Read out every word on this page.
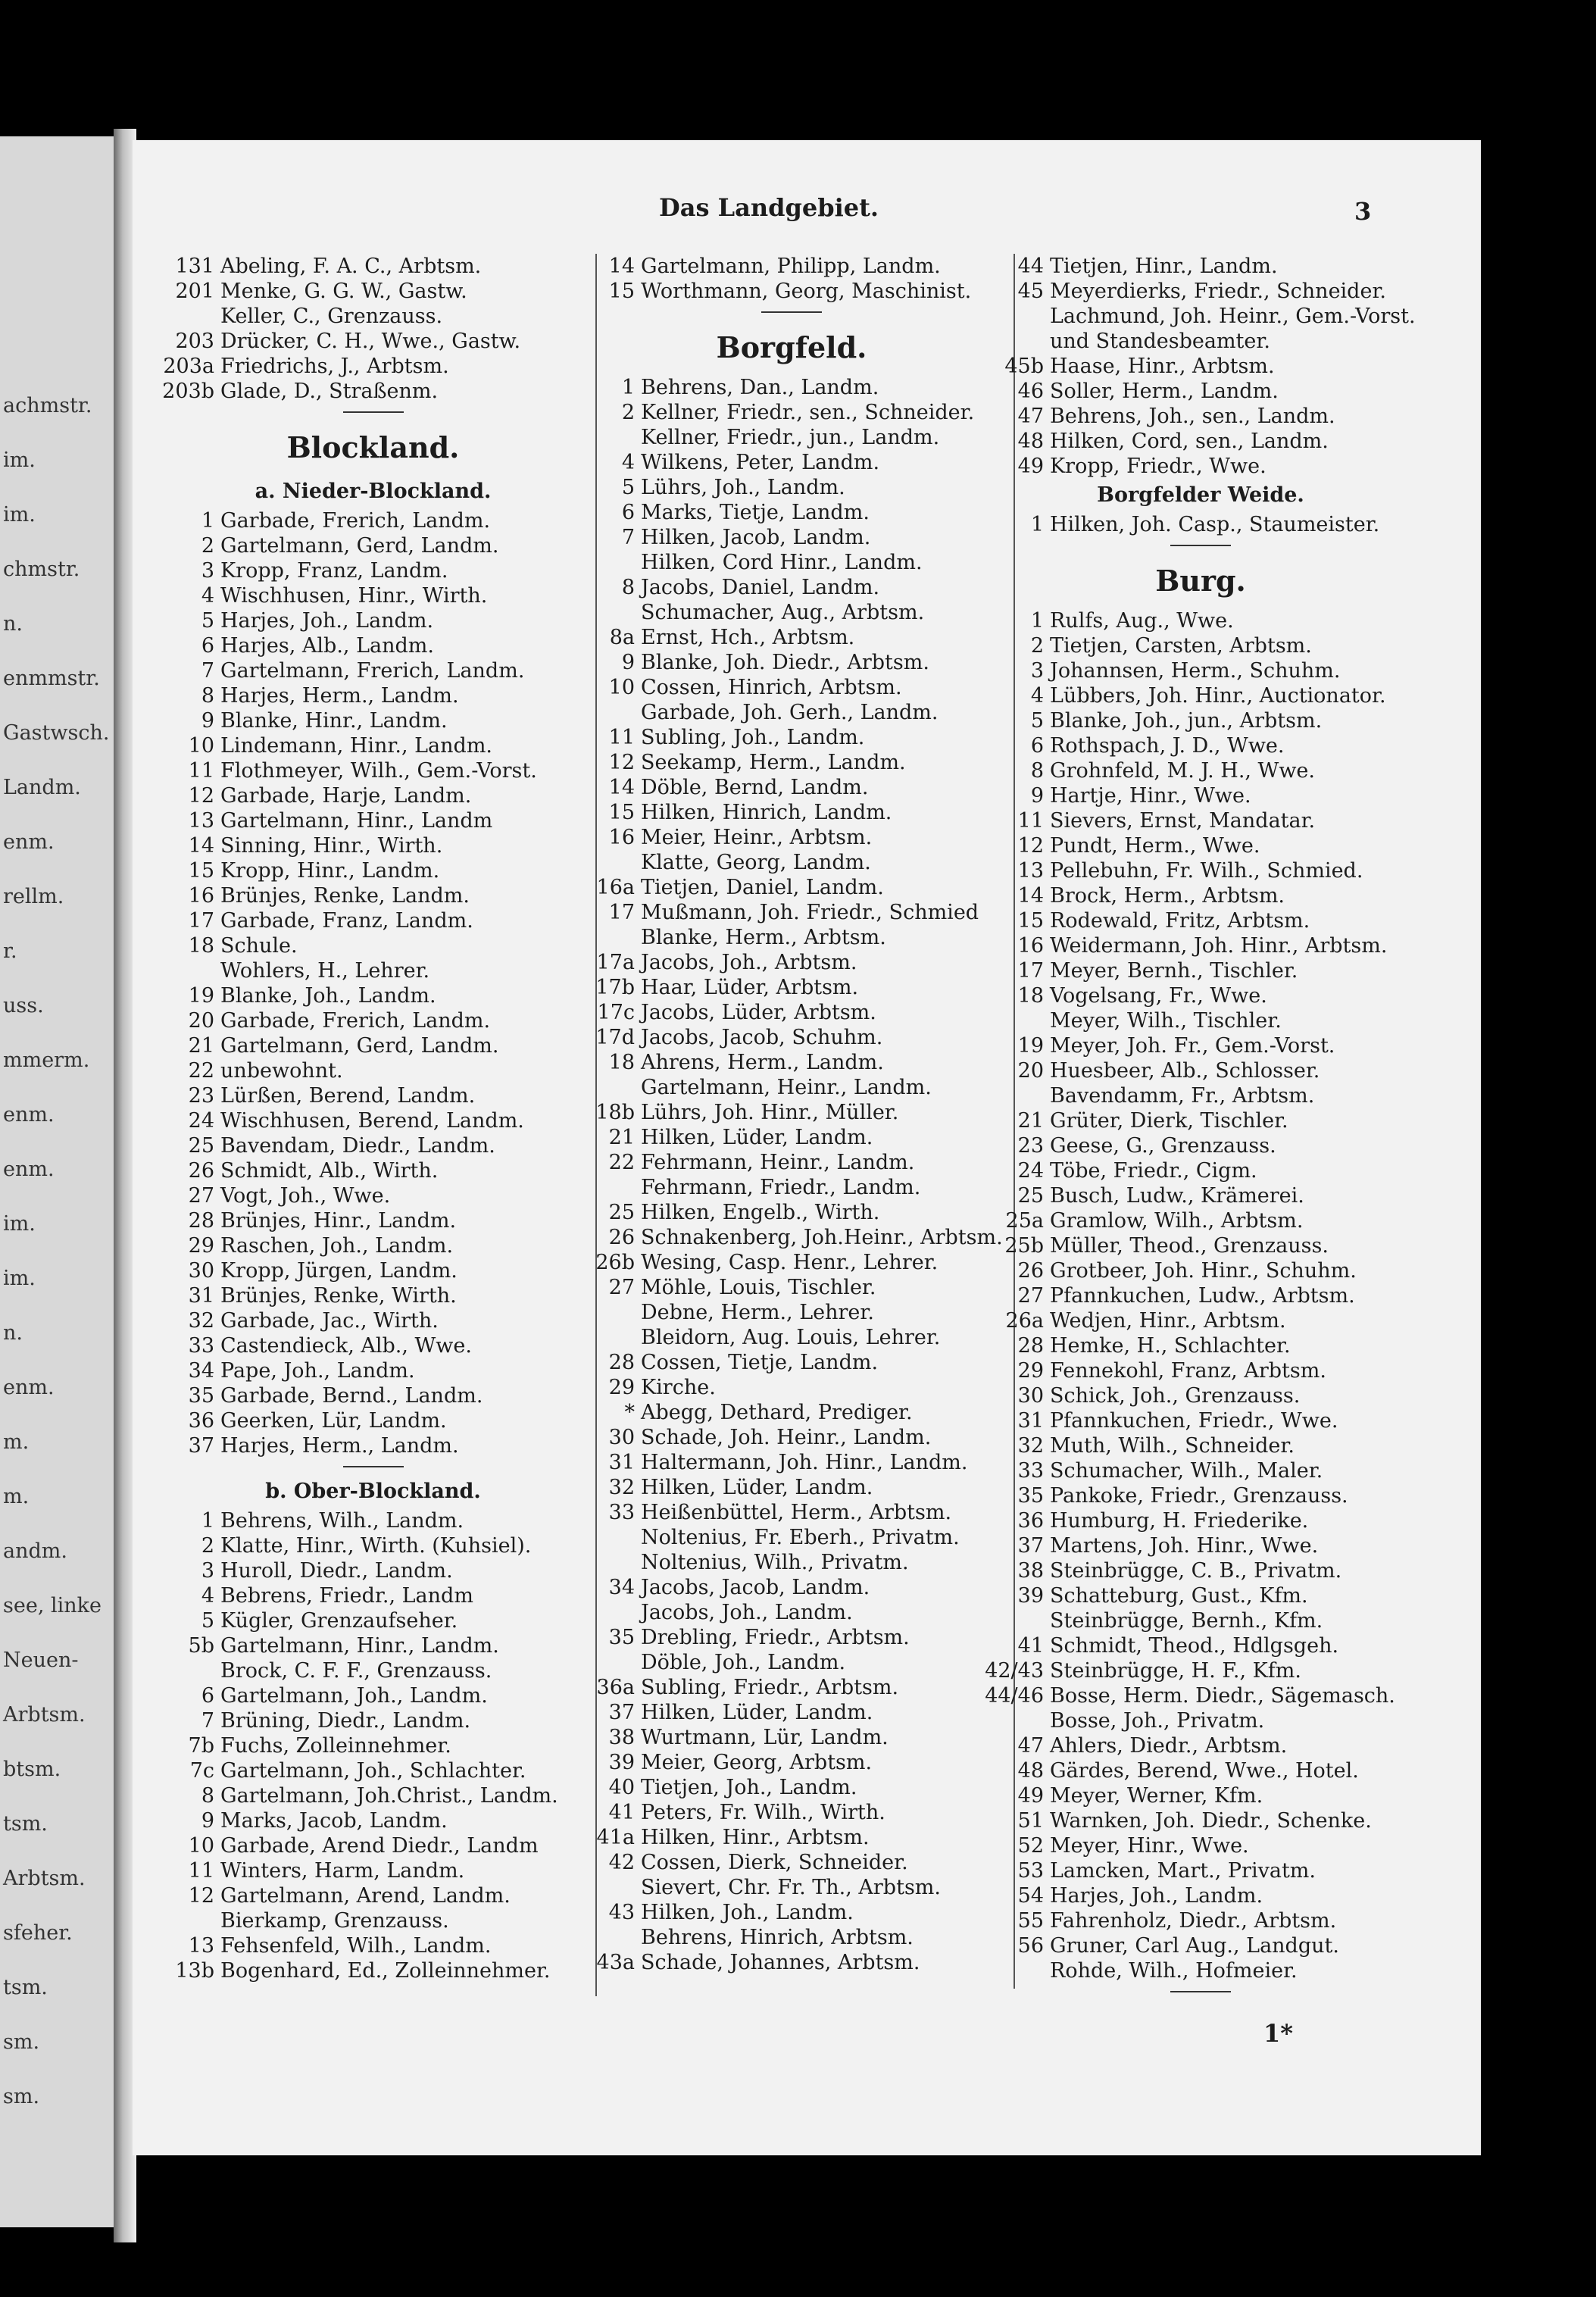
achmstr.
im.
im.
chmstr.
n.
enmmstr.
Gastwsch.
Landm.
enm.
rellm.
r.
uss.
mmerm.
enm.
enm.
im.
im.
n.
enm.
m.
m.
andm.
see, linke
Neuen-
Arbtsm.
btsm.
tsm.
Arbtsm.
sfeher.
tsm.
sm.
sm.
Das Landgebiet.	3
131 Abeling, F. A. C., Arbtsm.
201 Menke, G. G. W., Gastw.
Keller, C., Grenzauss.
203 Drücker, C. H., Wwe., Gastw.
203a Friedrichs, J., Arbtsm.
203b Glade, D., Straßenm.
Blockland.
a. Nieder-Blockland.
1 Garbade, Frerich, Landm.
2 Gartelmann, Gerd, Landm.
3 Kropp, Franz, Landm.
4 Wischhusen, Hinr., Wirth.
5 Harjes, Joh., Landm.
6 Harjes, Alb., Landm.
7 Gartelmann, Frerich, Landm.
8 Harjes, Herm., Landm.
9 Blanke, Hinr., Landm.
10 Lindemann, Hinr., Landm.
11 Flothmeyer, Wilh., Gem.-Vorst.
12 Garbade, Harje, Landm.
13 Gartelmann, Hinr., Landm
14 Sinning, Hinr., Wirth.
15 Kropp, Hinr., Landm.
16 Brünjes, Renke, Landm.
17 Garbade, Franz, Landm.
18 Schule.
Wohlers, H., Lehrer.
19 Blanke, Joh., Landm.
20 Garbade, Frerich, Landm.
21 Gartelmann, Gerd, Landm.
22 unbewohnt.
23 Lürßen, Berend, Landm.
24 Wischhusen, Berend, Landm.
25 Bavendam, Diedr., Landm.
26 Schmidt, Alb., Wirth.
27 Vogt, Joh., Wwe.
28 Brünjes, Hinr., Landm.
29 Raschen, Joh., Landm.
30 Kropp, Jürgen, Landm.
31 Brünjes, Renke, Wirth.
32 Garbade, Jac., Wirth.
33 Castendieck, Alb., Wwe.
34 Pape, Joh., Landm.
35 Garbade, Bernd., Landm.
36 Geerken, Lür, Landm.
37 Harjes, Herm., Landm.
b. Ober-Blockland.
1 Behrens, Wilh., Landm.
2 Klatte, Hinr., Wirth. (Kuhsiel).
3 Huroll, Diedr., Landm.
4 Bebrens, Friedr., Landm
5 Kügler, Grenzaufseher.
5b Gartelmann, Hinr., Landm.
Brock, C. F. F., Grenzauss.
6 Gartelmann, Joh., Landm.
7 Brüning, Diedr., Landm.
7b Fuchs, Zolleinnehmer.
7c Gartelmann, Joh., Schlachter.
8 Gartelmann, Joh.Christ., Landm.
9 Marks, Jacob, Landm.
10 Garbade, Arend Diedr., Landm
11 Winters, Harm, Landm.
12 Gartelmann, Arend, Landm.
Bierkamp, Grenzauss.
13 Fehsenfeld, Wilh., Landm.
13b Bogenhard, Ed., Zolleinnehmer.
14 Gartelmann, Philipp, Landm.
15 Worthmann, Georg, Maschinist.
Borgfeld.
1 Behrens, Dan., Landm.
2 Kellner, Friedr., sen., Schneider.
Kellner, Friedr., jun., Landm.
4 Wilkens, Peter, Landm.
5 Lührs, Joh., Landm.
6 Marks, Tietje, Landm.
7 Hilken, Jacob, Landm.
Hilken, Cord Hinr., Landm.
8 Jacobs, Daniel, Landm.
Schumacher, Aug., Arbtsm.
8a Ernst, Hch., Arbtsm.
9 Blanke, Joh. Diedr., Arbtsm.
10 Cossen, Hinrich, Arbtsm.
Garbade, Joh. Gerh., Landm.
11 Subling, Joh., Landm.
12 Seekamp, Herm., Landm.
14 Döble, Bernd, Landm.
15 Hilken, Hinrich, Landm.
16 Meier, Heinr., Arbtsm.
Klatte, Georg, Landm.
16a Tietjen, Daniel, Landm.
17 Mußmann, Joh. Friedr., Schmied
Blanke, Herm., Arbtsm.
17a Jacobs, Joh., Arbtsm.
17b Haar, Lüder, Arbtsm.
17c Jacobs, Lüder, Arbtsm.
17d Jacobs, Jacob, Schuhm.
18 Ahrens, Herm., Landm.
Gartelmann, Heinr., Landm.
18b Lührs, Joh. Hinr., Müller.
21 Hilken, Lüder, Landm.
22 Fehrmann, Heinr., Landm.
Fehrmann, Friedr., Landm.
25 Hilken, Engelb., Wirth.
26 Schnakenberg, Joh.Heinr., Arbtsm.
26b Wesing, Casp. Henr., Lehrer.
27 Möhle, Louis, Tischler.
Debne, Herm., Lehrer.
Bleidorn, Aug. Louis, Lehrer.
28 Cossen, Tietje, Landm.
29 Kirche.
* Abegg, Dethard, Prediger.
30 Schade, Joh. Heinr., Landm.
31 Haltermann, Joh. Hinr., Landm.
32 Hilken, Lüder, Landm.
33 Heißenbüttel, Herm., Arbtsm.
Noltenius, Fr. Eberh., Privatm.
Noltenius, Wilh., Privatm.
34 Jacobs, Jacob, Landm.
Jacobs, Joh., Landm.
35 Drebling, Friedr., Arbtsm.
Döble, Joh., Landm.
36a Subling, Friedr., Arbtsm.
37 Hilken, Lüder, Landm.
38 Wurtmann, Lür, Landm.
39 Meier, Georg, Arbtsm.
40 Tietjen, Joh., Landm.
41 Peters, Fr. Wilh., Wirth.
41a Hilken, Hinr., Arbtsm.
42 Cossen, Dierk, Schneider.
Sievert, Chr. Fr. Th., Arbtsm.
43 Hilken, Joh., Landm.
Behrens, Hinrich, Arbtsm.
43a Schade, Johannes, Arbtsm.
44 Tietjen, Hinr., Landm.
45 Meyerdierks, Friedr., Schneider.
Lachmund, Joh. Heinr., Gem.-Vorst.
und Standesbeamter.
45b Haase, Hinr., Arbtsm.
46 Soller, Herm., Landm.
47 Behrens, Joh., sen., Landm.
48 Hilken, Cord, sen., Landm.
49 Kropp, Friedr., Wwe.
Borgfelder Weide.
1 Hilken, Joh. Casp., Staumeister.
Burg.
1 Rulfs, Aug., Wwe.
2 Tietjen, Carsten, Arbtsm.
3 Johannsen, Herm., Schuhm.
4 Lübbers, Joh. Hinr., Auctionator.
5 Blanke, Joh., jun., Arbtsm.
6 Rothspach, J. D., Wwe.
8 Grohnfeld, M. J. H., Wwe.
9 Hartje, Hinr., Wwe.
11 Sievers, Ernst, Mandatar.
12 Pundt, Herm., Wwe.
13 Pellebuhn, Fr. Wilh., Schmied.
14 Brock, Herm., Arbtsm.
15 Rodewald, Fritz, Arbtsm.
16 Weidermann, Joh. Hinr., Arbtsm.
17 Meyer, Bernh., Tischler.
18 Vogelsang, Fr., Wwe.
Meyer, Wilh., Tischler.
19 Meyer, Joh. Fr., Gem.-Vorst.
20 Huesbeer, Alb., Schlosser.
Bavendamm, Fr., Arbtsm.
21 Grüter, Dierk, Tischler.
23 Geese, G., Grenzauss.
24 Töbe, Friedr., Cigm.
25 Busch, Ludw., Krämerei.
25a Gramlow, Wilh., Arbtsm.
25b Müller, Theod., Grenzauss.
26 Grotbeer, Joh. Hinr., Schuhm.
27 Pfannkuchen, Ludw., Arbtsm.
26a Wedjen, Hinr., Arbtsm.
28 Hemke, H., Schlachter.
29 Fennekohl, Franz, Arbtsm.
30 Schick, Joh., Grenzauss.
31 Pfannkuchen, Friedr., Wwe.
32 Muth, Wilh., Schneider.
33 Schumacher, Wilh., Maler.
35 Pankoke, Friedr., Grenzauss.
36 Humburg, H. Friederike.
37 Martens, Joh. Hinr., Wwe.
38 Steinbrügge, C. B., Privatm.
39 Schatteburg, Gust., Kfm.
Steinbrügge, Bernh., Kfm.
41 Schmidt, Theod., Hdlgsgeh.
42/43 Steinbrügge, H. F., Kfm.
44/46 Bosse, Herm. Diedr., Sägemasch.
Bosse, Joh., Privatm.
47 Ahlers, Diedr., Arbtsm.
48 Gärdes, Berend, Wwe., Hotel.
49 Meyer, Werner, Kfm.
51 Warnken, Joh. Diedr., Schenke.
52 Meyer, Hinr., Wwe.
53 Lamcken, Mart., Privatm.
54 Harjes, Joh., Landm.
55 Fahrenholz, Diedr., Arbtsm.
56 Gruner, Carl Aug., Landgut.
Rohde, Wilh., Hofmeier.
1*
